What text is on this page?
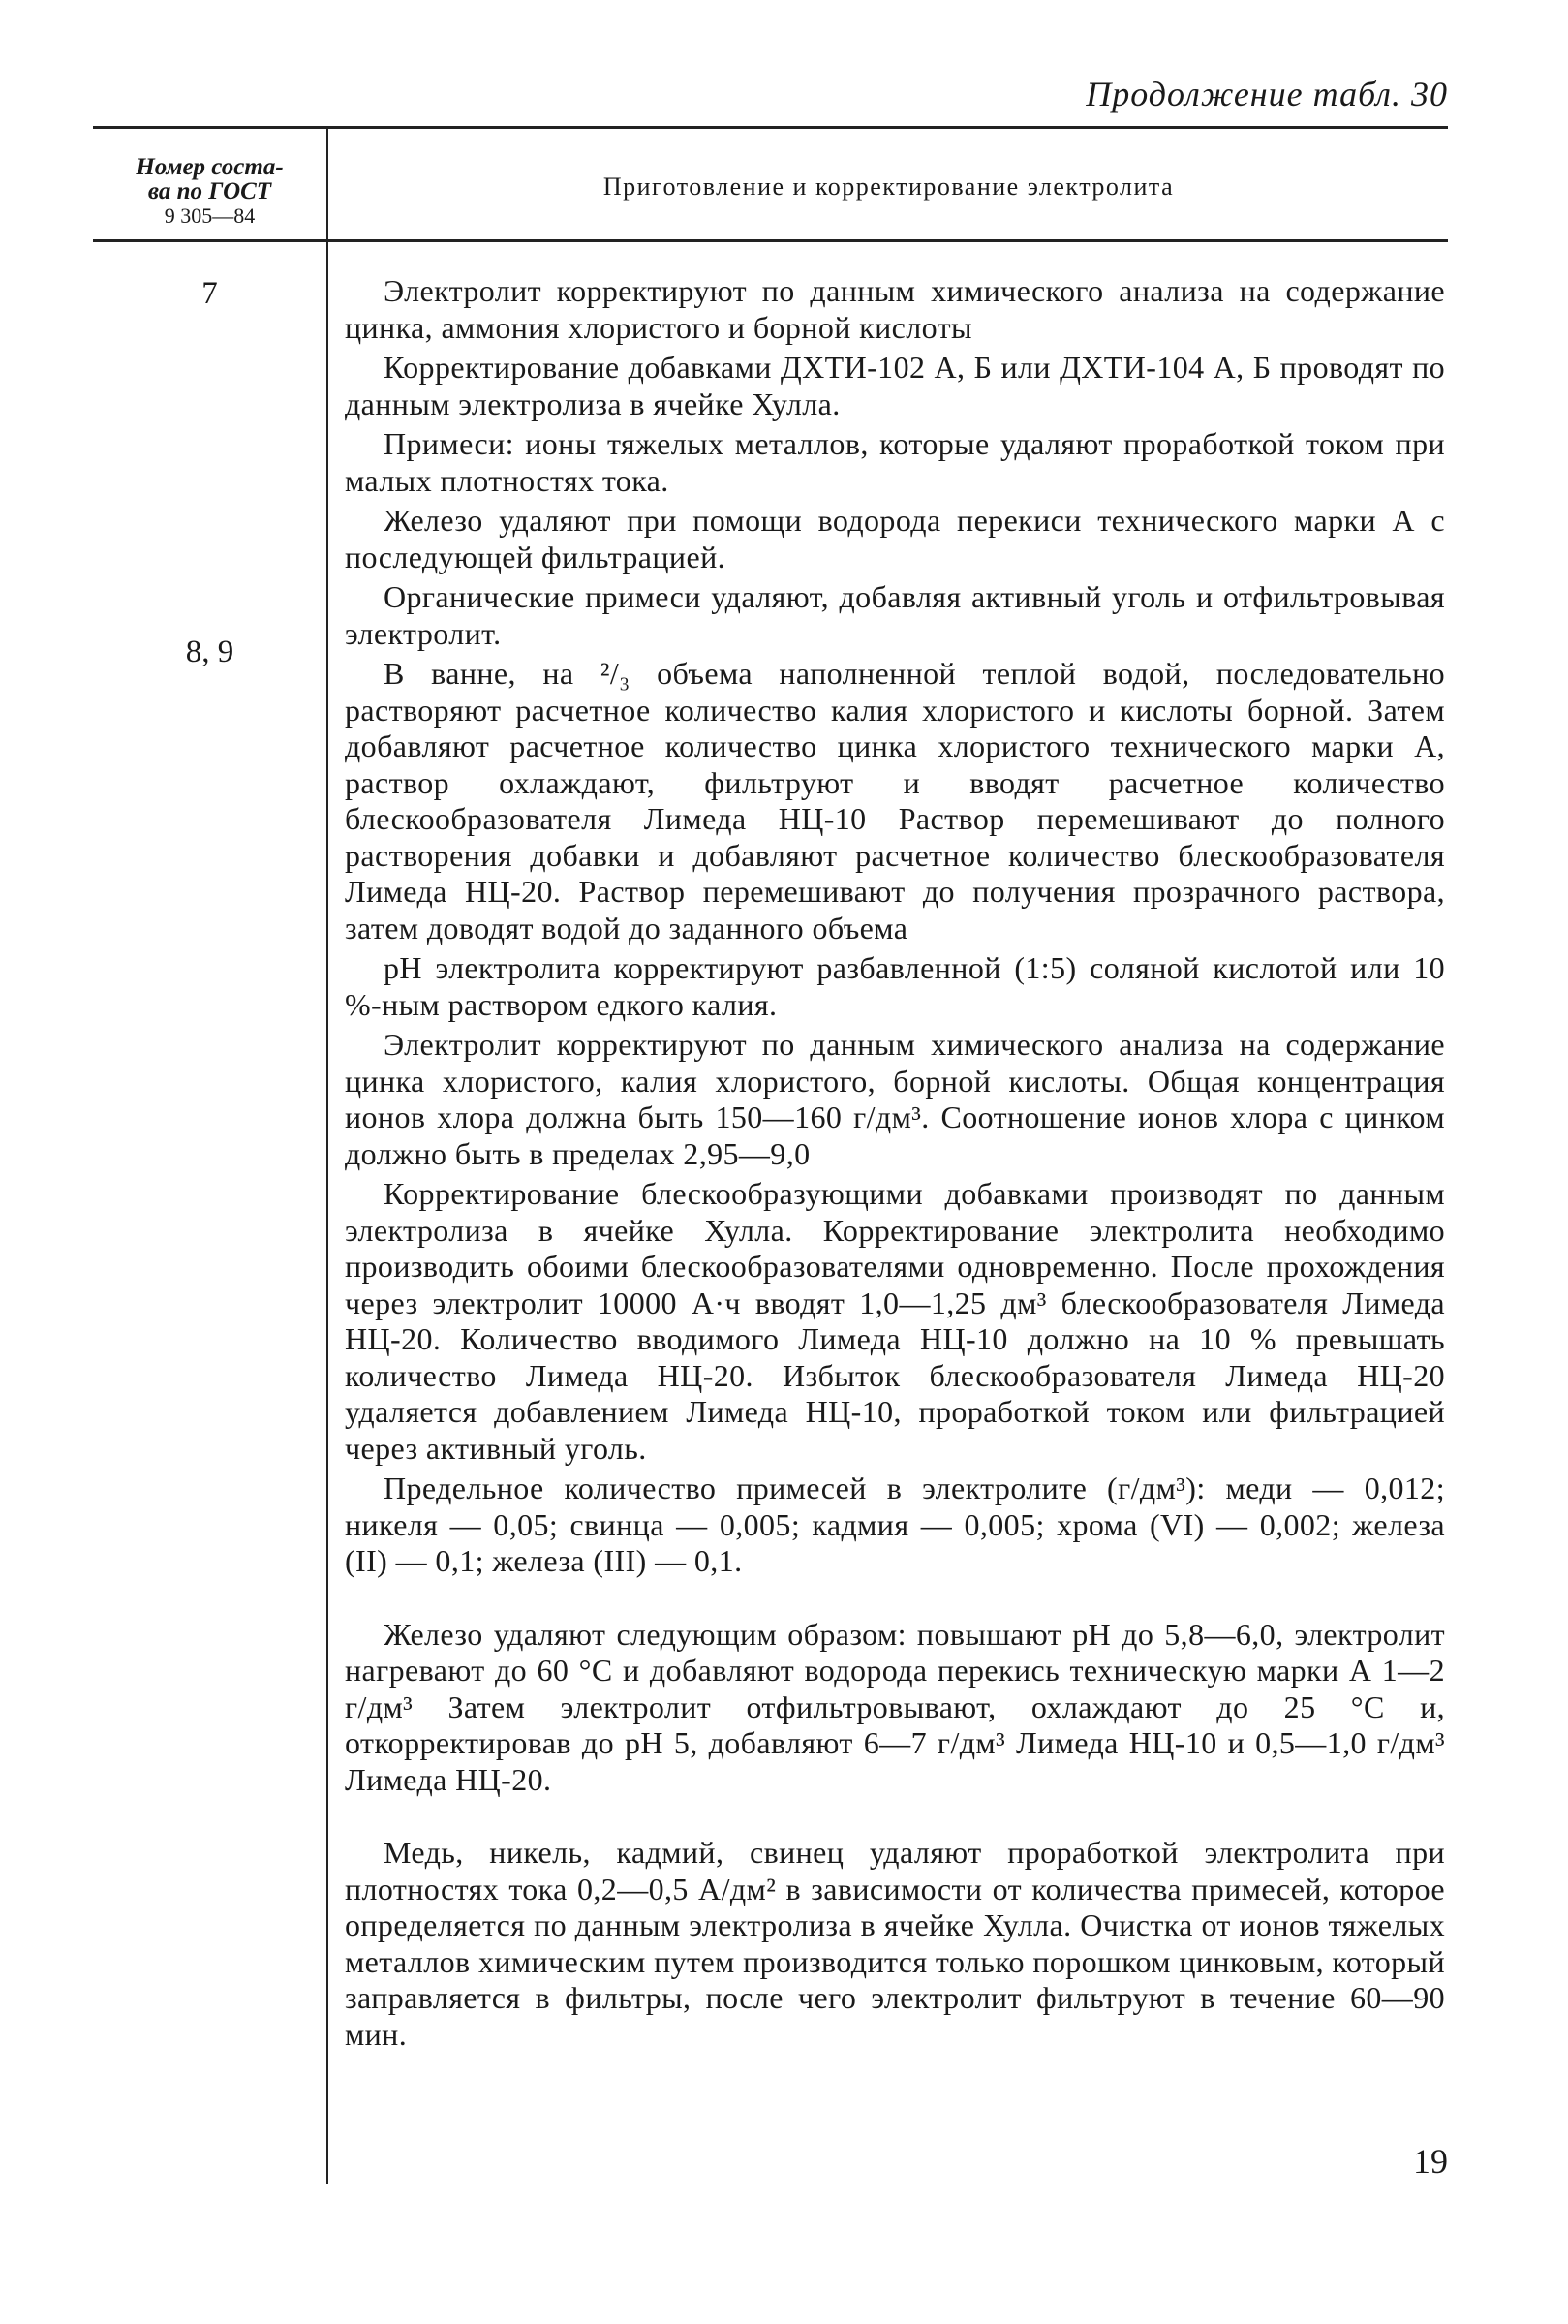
Продолжение табл. 30
Номер соста-
ва по ГОСТ

9 305—84
Приготовление и корректирование электролита
7
8, 9

Электролит корректируют по данным химического анализа на содержание цинка, аммония хлористого и борной кислоты

Корректирование добавками ДХТИ-102 А, Б или ДХТИ-104 А, Б проводят по данным электролиза в ячейке Хулла.

Примеси: ионы тяжелых металлов, которые удаляют проработкой током при малых плотностях тока.

Железо удаляют при помощи водорода перекиси технического марки А с последующей фильтрацией.

Органические примеси удаляют, добавляя активный уголь и отфильтровывая электролит.

В ванне, на ²/₃ объема наполненной теплой водой, последовательно растворяют расчетное количество калия хлористого и кислоты борной. Затем добавляют расчетное количество цинка хлористого технического марки А, раствор охлаждают, фильтруют и вводят расчетное количество блескообразователя Лимеда НЦ-10 Раствор перемешивают до полного растворения добавки и добавляют расчетное количество блескообразователя Лимеда НЦ-20. Раствор перемешивают до получения прозрачного раствора, затем доводят водой до заданного объема

pH электролита корректируют разбавленной (1:5) соляной кислотой или 10 %-ным раствором едкого калия.

Электролит корректируют по данным химического анализа на содержание цинка хлористого, калия хлористого, борной кислоты. Общая концентрация ионов хлора должна быть 150—160 г/дм³. Соотношение ионов хлора с цинком должно быть в пределах 2,95—9,0

Корректирование блескообразующими добавками производят по данным электролиза в ячейке Хулла. Корректирование электролита необходимо производить обоими блескообразователями одновременно. После прохождения через электролит 10000 А·ч вводят 1,0—1,25 дм³ блескообразователя Лимеда НЦ-20. Количество вводимого Лимеда НЦ-10 должно на 10 % превышать количество Лимеда НЦ-20. Избыток блескообразователя Лимеда НЦ-20 удаляется добавлением Лимеда НЦ-10, проработкой током или фильтрацией через активный уголь.

Предельное количество примесей в электролите (г/дм³): меди — 0,012; никеля — 0,05; свинца — 0,005; кадмия — 0,005; хрома (VI) — 0,002; железа (II) — 0,1; железа (III) — 0,1.

Железо удаляют следующим образом: повышают pH до 5,8—6,0, электролит нагревают до 60 °С и добавляют водорода перекись техническую марки А 1—2 г/дм³ Затем электролит отфильтровывают, охлаждают до 25 °С и, откорректировав до pH 5, добавляют 6—7 г/дм³ Лимеда НЦ-10 и 0,5—1,0 г/дм³ Лимеда НЦ-20.

Медь, никель, кадмий, свинец удаляют проработкой электролита при плотностях тока 0,2—0,5 А/дм² в зависимости от количества примесей, которое определяется по данным электролиза в ячейке Хулла. Очистка от ионов тяжелых металлов химическим путем производится только порошком цинковым, который заправляется в фильтры, после чего электролит фильтруют в течение 60—90 мин.

19
